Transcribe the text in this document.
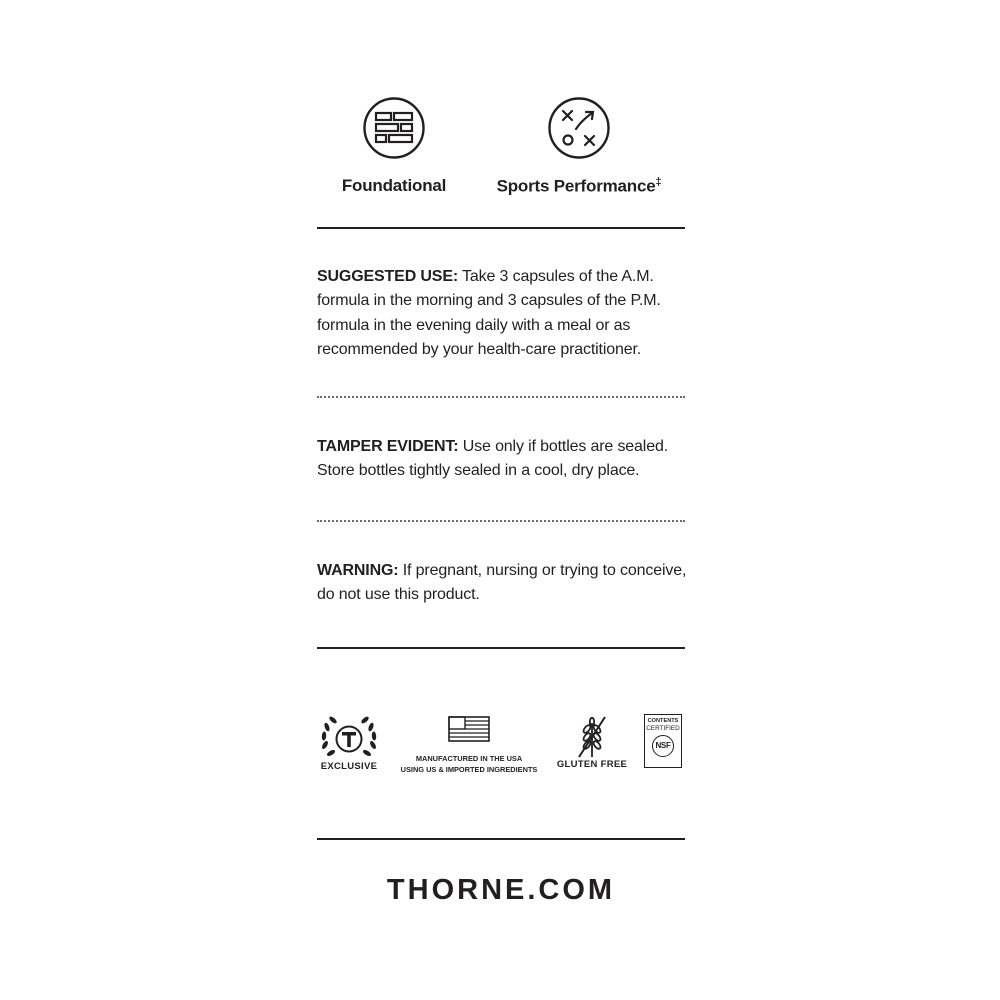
Foundational	Sports Performance‡
SUGGESTED USE: Take 3 capsules of the A.M. formula in the morning and 3 capsules of the P.M. formula in the evening daily with a meal or as recommended by your health-care practitioner.
TAMPER EVIDENT: Use only if bottles are sealed. Store bottles tightly sealed in a cool, dry place.
WARNING: If pregnant, nursing or trying to conceive, do not use this product.
EXCLUSIVE
MANUFACTURED IN THE USA
USING US & IMPORTED INGREDIENTS	GLUTEN FREE
CONTENTS
CERTIFIED
NSF
THORNE.COM
